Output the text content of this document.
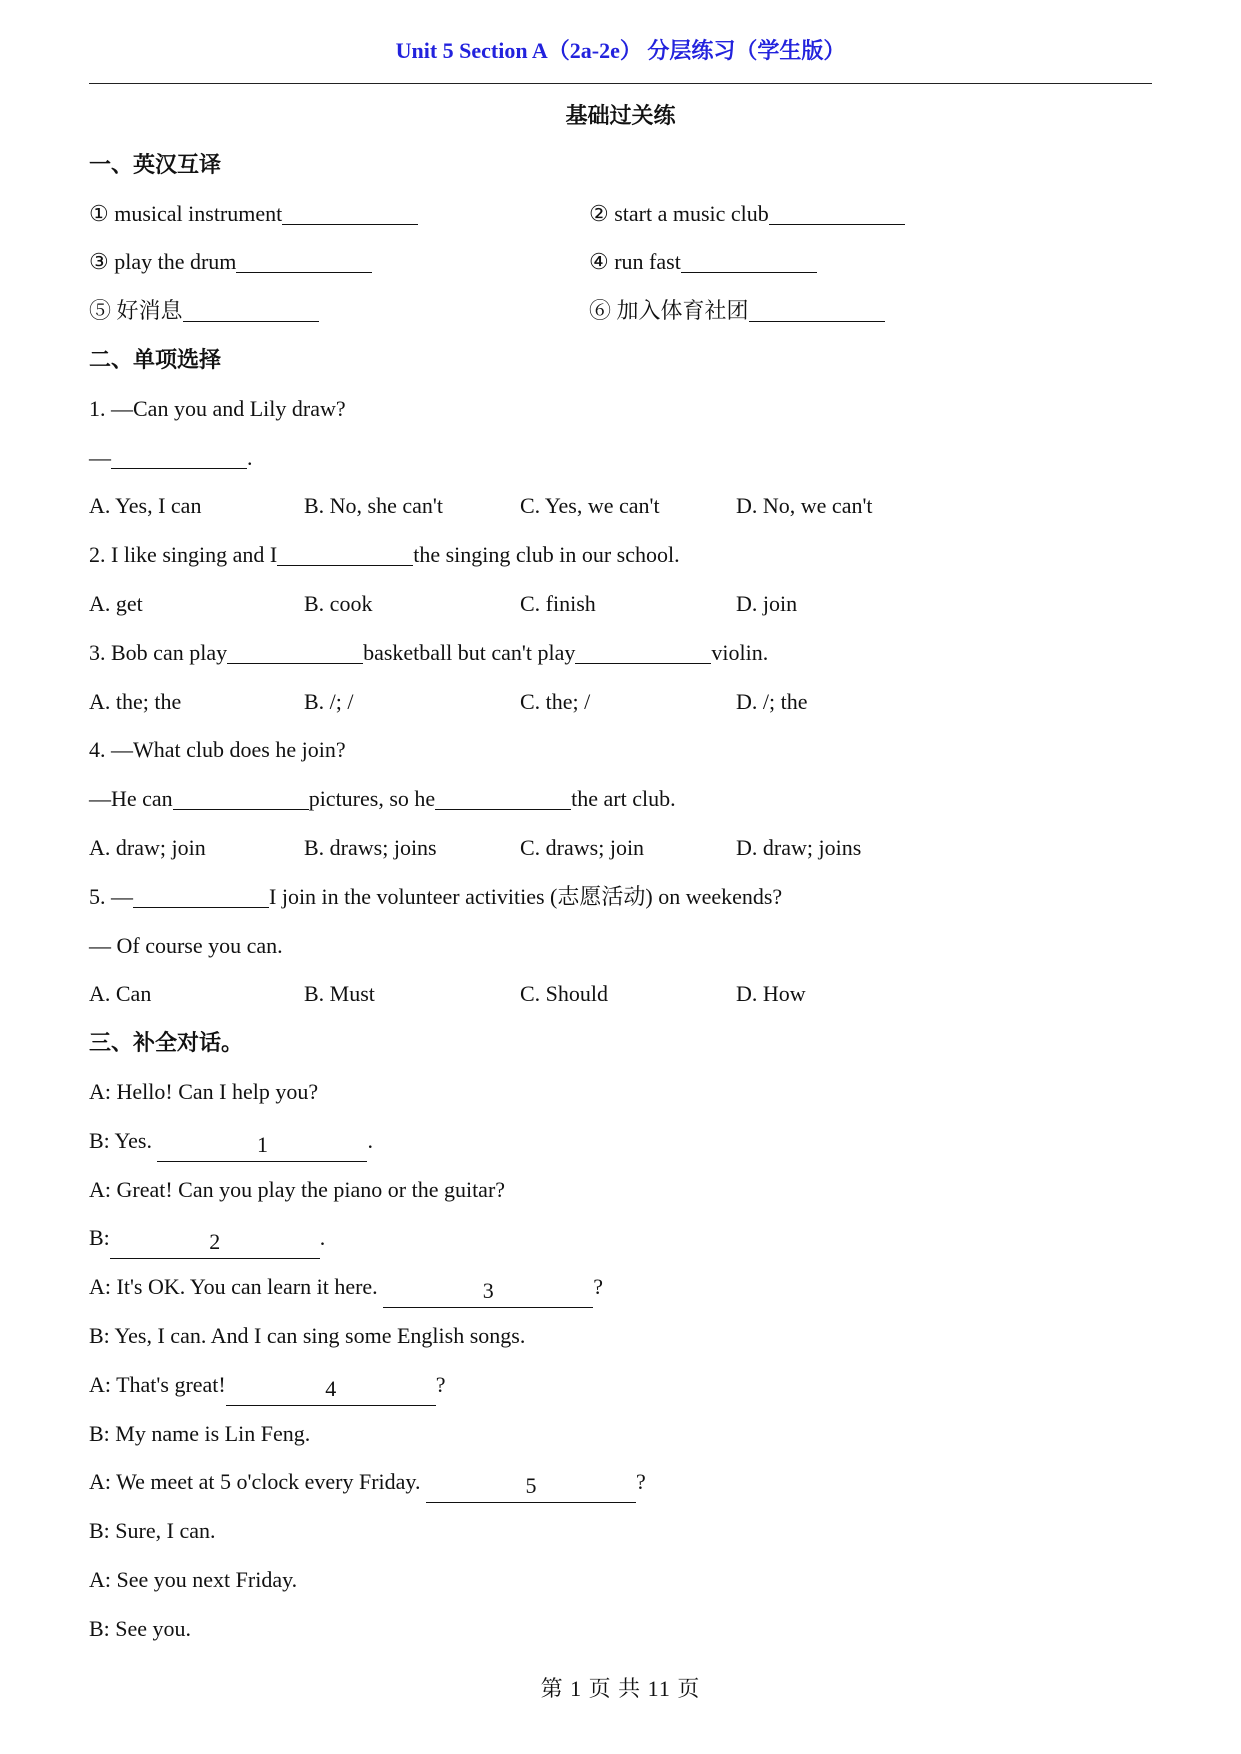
Unit 5 Section A（2a-2e） 分层练习（学生版）
基础过关练
一、英汉互译
① musical instrument	② start a music club
③ play the drum	④ run fast
⑤ 好消息	⑥ 加入体育社团
二、单项选择
1. —Can you and Lily draw?
—	.
A. Yes, I can	B. No, she can't	C. Yes, we can't	D. No, we can't
2. I like singing and I	the singing club in our school.
A. get	B. cook	C. finish	D. join
3. Bob can play	basketball but can't play	violin.
A. the; the	B. /; /	C. the; /	D. /; the
4. —What club does he join?
—He can	pictures, so he	the art club.
A. draw; join	B. draws; joins	C. draws; join	D. draw; joins
5. —	I join in the volunteer activities (志愿活动) on weekends?
— Of course you can.
A. Can	B. Must	C. Should	D. How
三、补全对话。
A: Hello! Can I help you?
B: Yes.	1	.
A: Great! Can you play the piano or the guitar?
B:	2	.
A: It's OK. You can learn it here.	3	?
B: Yes, I can. And I can sing some English songs.
A: That's great!	4	?
B: My name is Lin Feng.
A: We meet at 5 o'clock every Friday.	5	?
B: Sure, I can.
A: See you next Friday.
B: See you.
第 1 页 共 11 页
